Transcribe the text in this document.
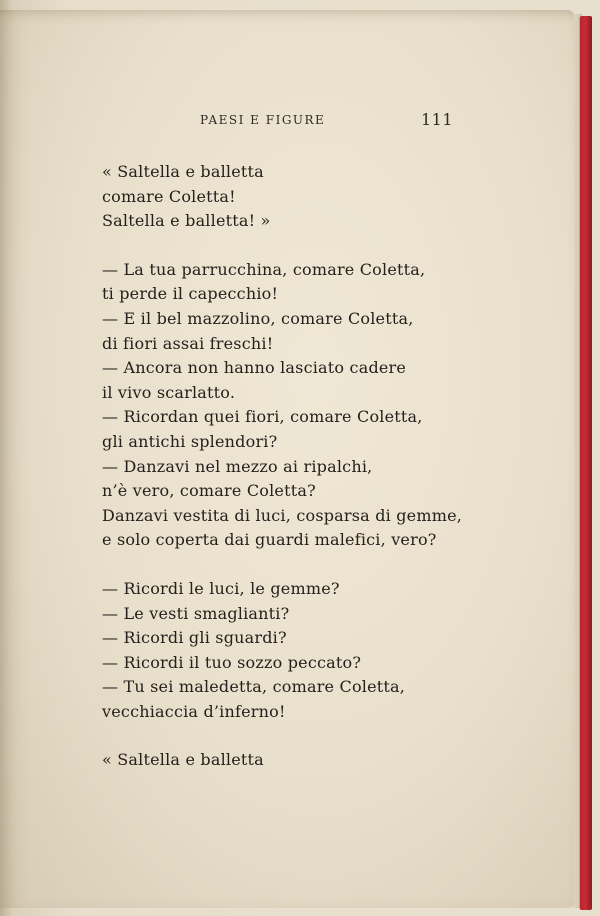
PAESI E FIGURE	111
« Saltella e balletta
comare Coletta!
Saltella e balletta! »
— La tua parrucchina, comare Coletta,
ti perde il capecchio!
— E il bel mazzolino, comare Coletta,
di fiori assai freschi!
— Ancora non hanno lasciato cadere
il vivo scarlatto.
— Ricordan quei fiori, comare Coletta,
gli antichi splendori?
— Danzavi nel mezzo ai ripalchi,
n’è vero, comare Coletta?
Danzavi vestita di luci, cosparsa di gemme,
e solo coperta dai guardi malefici, vero?
— Ricordi le luci, le gemme?
— Le vesti smaglianti?
— Ricordi gli sguardi?
— Ricordi il tuo sozzo peccato?
— Tu sei maledetta, comare Coletta,
vecchiaccia d’inferno!
« Saltella e balletta
